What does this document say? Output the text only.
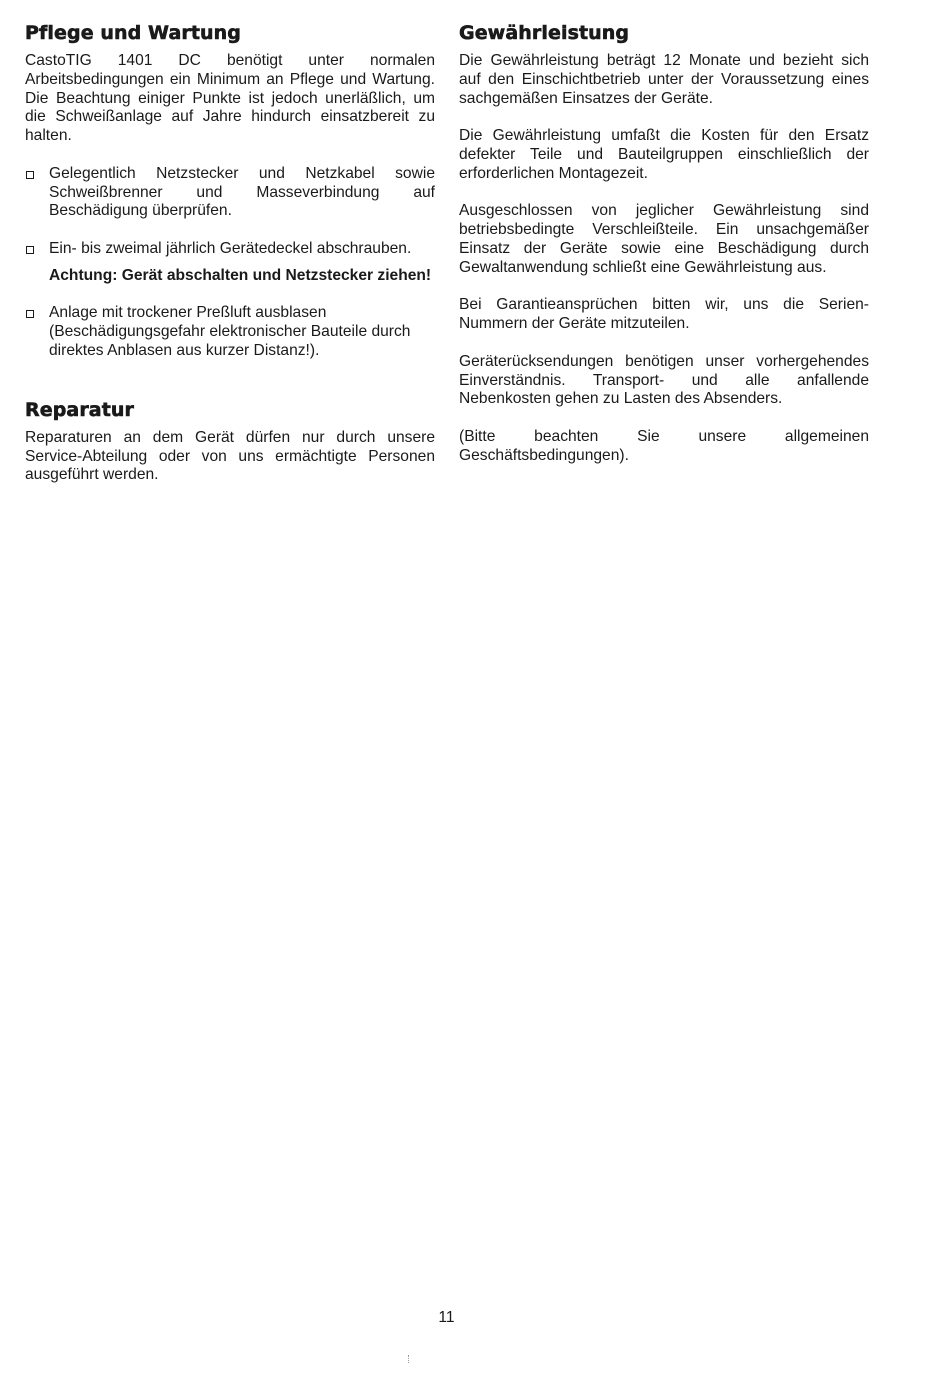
Pflege und Wartung

CastoTIG 1401 DC benötigt unter normalen Arbeitsbedingungen ein Minimum an Pflege und Wartung. Die Beachtung einiger Punkte ist jedoch unerläßlich, um die Schweißanlage auf Jahre hindurch einsatzbereit zu halten.

Gelegentlich Netzstecker und Netzkabel sowie Schweißbrenner und Masseverbindung auf Beschädigung überprüfen.
Ein- bis zweimal jährlich Gerätedeckel abschrauben.
Achtung: Gerät abschalten und Netzstecker ziehen!
Anlage mit trockener Preßluft ausblasen (Beschädigungsgefahr elektronischer Bauteile durch direktes Anblasen aus kurzer Distanz!).
Reparatur

Reparaturen an dem Gerät dürfen nur durch unsere Service-Abteilung oder von uns ermächtigte Personen ausgeführt werden.

Gewährleistung

Die Gewährleistung beträgt 12 Monate und bezieht sich auf den Einschichtbetrieb unter der Voraussetzung eines sachgemäßen Einsatzes der Geräte.

Die Gewährleistung umfaßt die Kosten für den Ersatz defekter Teile und Bauteilgruppen einschließlich der erforderlichen Montagezeit.

Ausgeschlossen von jeglicher Gewährleistung sind betriebsbedingte Verschleißteile. Ein unsachgemäßer Einsatz der Geräte sowie eine Beschädigung durch Gewaltanwendung schließt eine Gewährleistung aus.

Bei Garantieansprüchen bitten wir, uns die Serien-Nummern der Geräte mitzuteilen.

Geräterücksendungen benötigen unser vorhergehendes Einverständnis. Transport- und alle anfallende Nebenkosten gehen zu Lasten des Absenders.

(Bitte beachten Sie unsere allgemeinen Geschäftsbedingungen).

11
